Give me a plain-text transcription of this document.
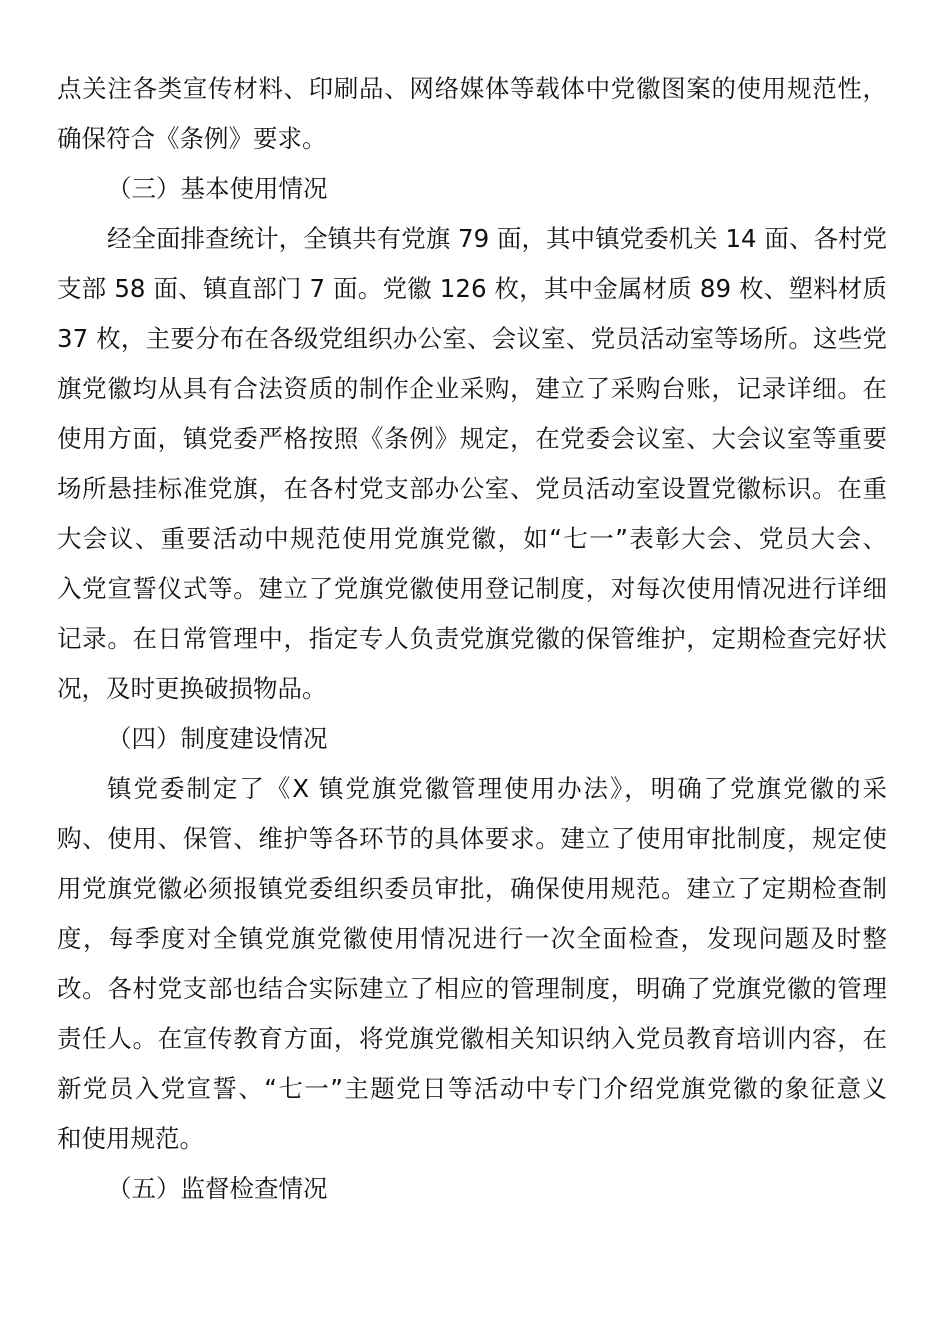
点关注各类宣传材料、印刷品、网络媒体等载体中党徽图案的使用规范性，
确保符合《条例》要求。
（三）基本使用情况
经全面排查统计，全镇共有党旗 79 面，其中镇党委机关 14 面、各村党
支部 58 面、镇直部门 7 面。党徽 126 枚，其中金属材质 89 枚、塑料材质
37 枚，主要分布在各级党组织办公室、会议室、党员活动室等场所。这些党
旗党徽均从具有合法资质的制作企业采购，建立了采购台账，记录详细。在
使用方面，镇党委严格按照《条例》规定，在党委会议室、大会议室等重要
场所悬挂标准党旗，在各村党支部办公室、党员活动室设置党徽标识。在重
大会议、重要活动中规范使用党旗党徽，如“七一”表彰大会、党员大会、
入党宣誓仪式等。建立了党旗党徽使用登记制度，对每次使用情况进行详细
记录。在日常管理中，指定专人负责党旗党徽的保管维护，定期检查完好状
况，及时更换破损物品。
（四）制度建设情况
镇党委制定了《X 镇党旗党徽管理使用办法》，明确了党旗党徽的采
购、使用、保管、维护等各环节的具体要求。建立了使用审批制度，规定使
用党旗党徽必须报镇党委组织委员审批，确保使用规范。建立了定期检查制
度，每季度对全镇党旗党徽使用情况进行一次全面检查，发现问题及时整
改。各村党支部也结合实际建立了相应的管理制度，明确了党旗党徽的管理
责任人。在宣传教育方面，将党旗党徽相关知识纳入党员教育培训内容，在
新党员入党宣誓、“七一”主题党日等活动中专门介绍党旗党徽的象征意义
和使用规范。
（五）监督检查情况
